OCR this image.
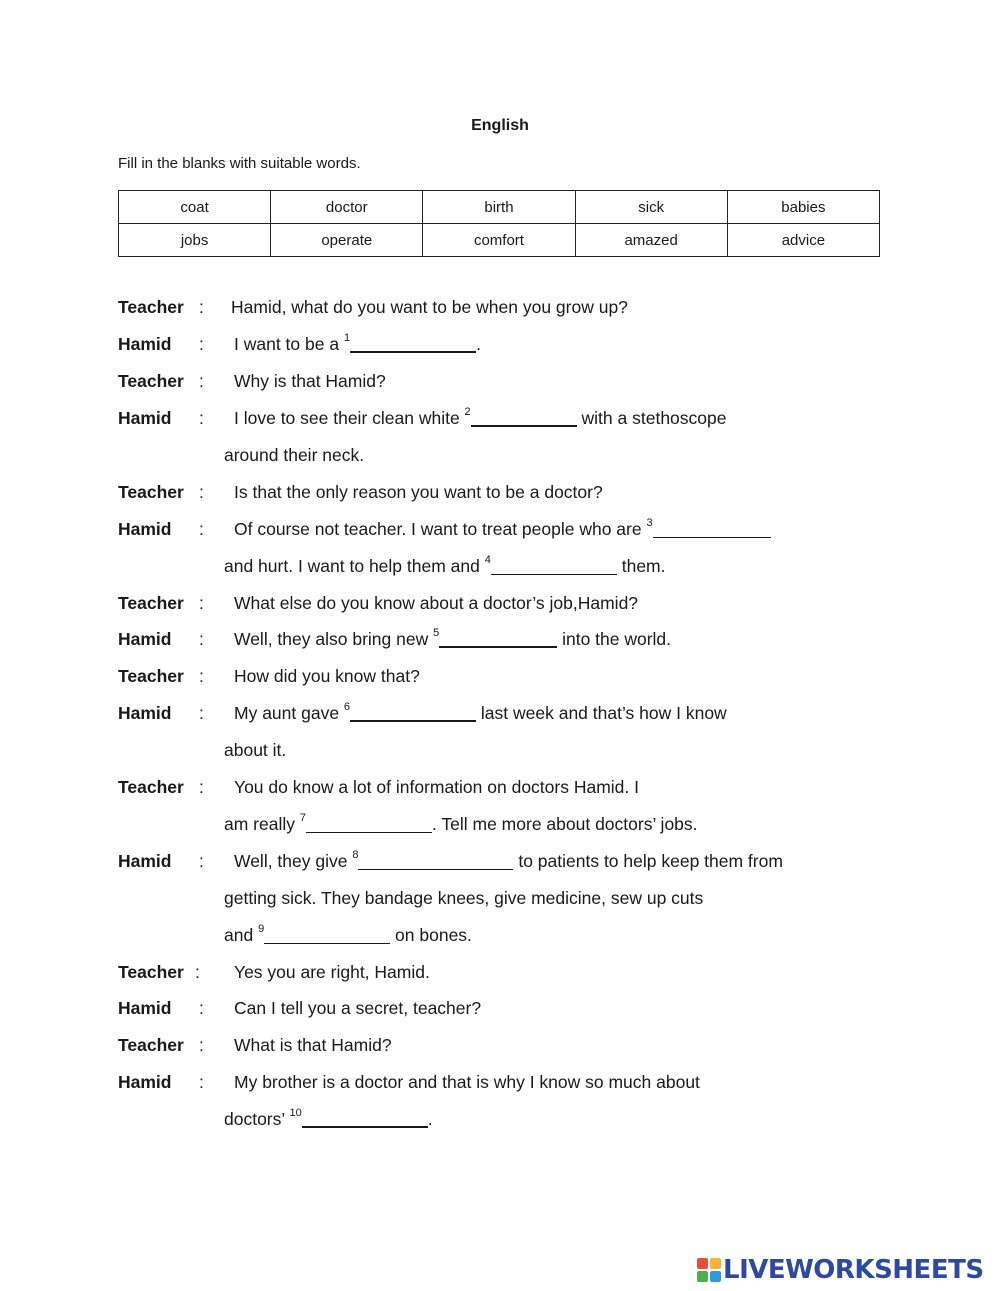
English
Fill in the blanks with suitable words.
coat	doctor	birth	sick	babies
jobs	operate	comfort	amazed	advice
Teacher : Hamid, what do you want to be when you grow up?
Hamid : I want to be a $^1$	.
Teacher : Why is that Hamid?
Hamid : I love to see their clean white $^2$	with a stethoscope
around their neck.
Teacher : Is that the only reason you want to be a doctor?
Hamid : Of course not teacher. I want to treat people who are $^3$
and hurt. I want to help them and $^4$	them.
Teacher : What else do you know about a doctor’s job,Hamid?
Hamid : Well, they also bring new $^5$	into the world.
Teacher : How did you know that?
Hamid : My aunt gave $^6$	last week and that’s how I know
about it.
Teacher : You do know a lot of information on doctors Hamid. I
am really $^7$	. Tell me more about doctors’ jobs.
Hamid : Well, they give $^8$	to patients to help keep them from
getting sick. They bandage knees, give medicine, sew up cuts
and $^9$	on bones.
Teacher : Yes you are right, Hamid.
Hamid : Can I tell you a secret, teacher?
Teacher : What is that Hamid?
Hamid : My brother is a doctor and that is why I know so much about
doctors’ $^{10}$	.
LIVEWORKSHEETS
